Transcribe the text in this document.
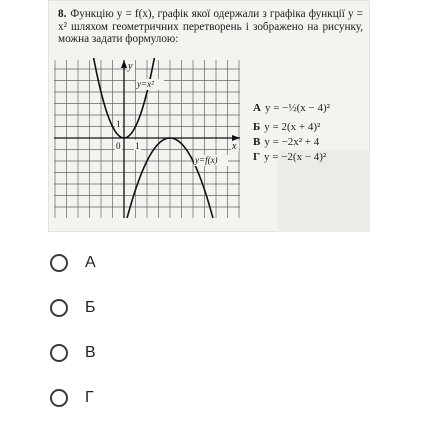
8. Функцію y = f(x), графік якої одержали з графіка функції y = x² шляхом геометричних перетворень і зображено на рисунку, можна задати формулою:
y
x
0 1
1
y=x²
y=f(x)
А y = −½(x − 4)²
Б y = 2(x + 4)²
В y = −2x² + 4
Г y = −2(x − 4)²
А
Б
В
Г
